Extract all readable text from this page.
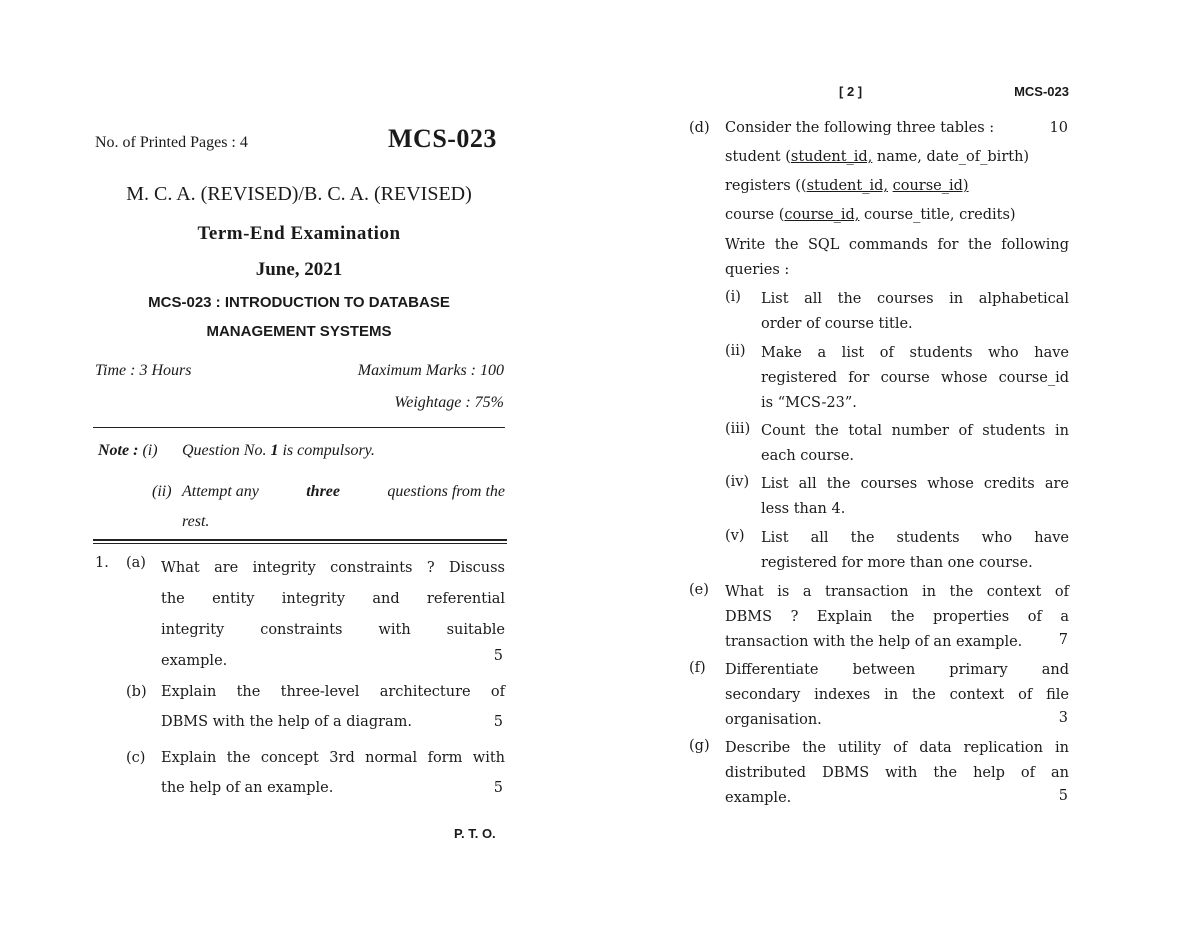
No. of Printed Pages : 4	MCS-023
M. C. A. (REVISED)/B. C. A. (REVISED)
Term-End Examination
June, 2021
MCS-023 : INTRODUCTION TO DATABASE
MANAGEMENT SYSTEMS
Time : 3 Hours	Maximum Marks : 100
Weightage : 75%
Note : (i) Question No. 1 is compulsory.
(ii) Attempt any	three	questions from the
rest.
1. (a) What are integrity constraints ? Discuss
the entity integrity and referential
integrity constraints with suitable
example.	5
(b) Explain the three-level architecture of
DBMS with the help of a diagram.	5
(c) Explain the concept 3rd normal form with
the help of an example.	5
P. T. O.
[ 2 ]	MCS-023
(d) Consider the following three tables :	10
student (student_id, name, date_of_birth)
registers ((student_id, course_id)
course (course_id, course_title, credits)
Write the SQL commands for the following
queries :
(i) List all the courses in alphabetical
order of course title.
(ii) Make a list of students who have
registered for course whose course_id
is “MCS-23”.
(iii) Count the total number of students in
each course.
(iv) List all the courses whose credits are
less than 4.
(v) List all the students who have
registered for more than one course.
(e) What is a transaction in the context of
DBMS ? Explain the properties of a
transaction with the help of an example.	7
(f) Differentiate between primary and
secondary indexes in the context of file
organisation.	3
(g) Describe the utility of data replication in
distributed DBMS with the help of an
example.	5
